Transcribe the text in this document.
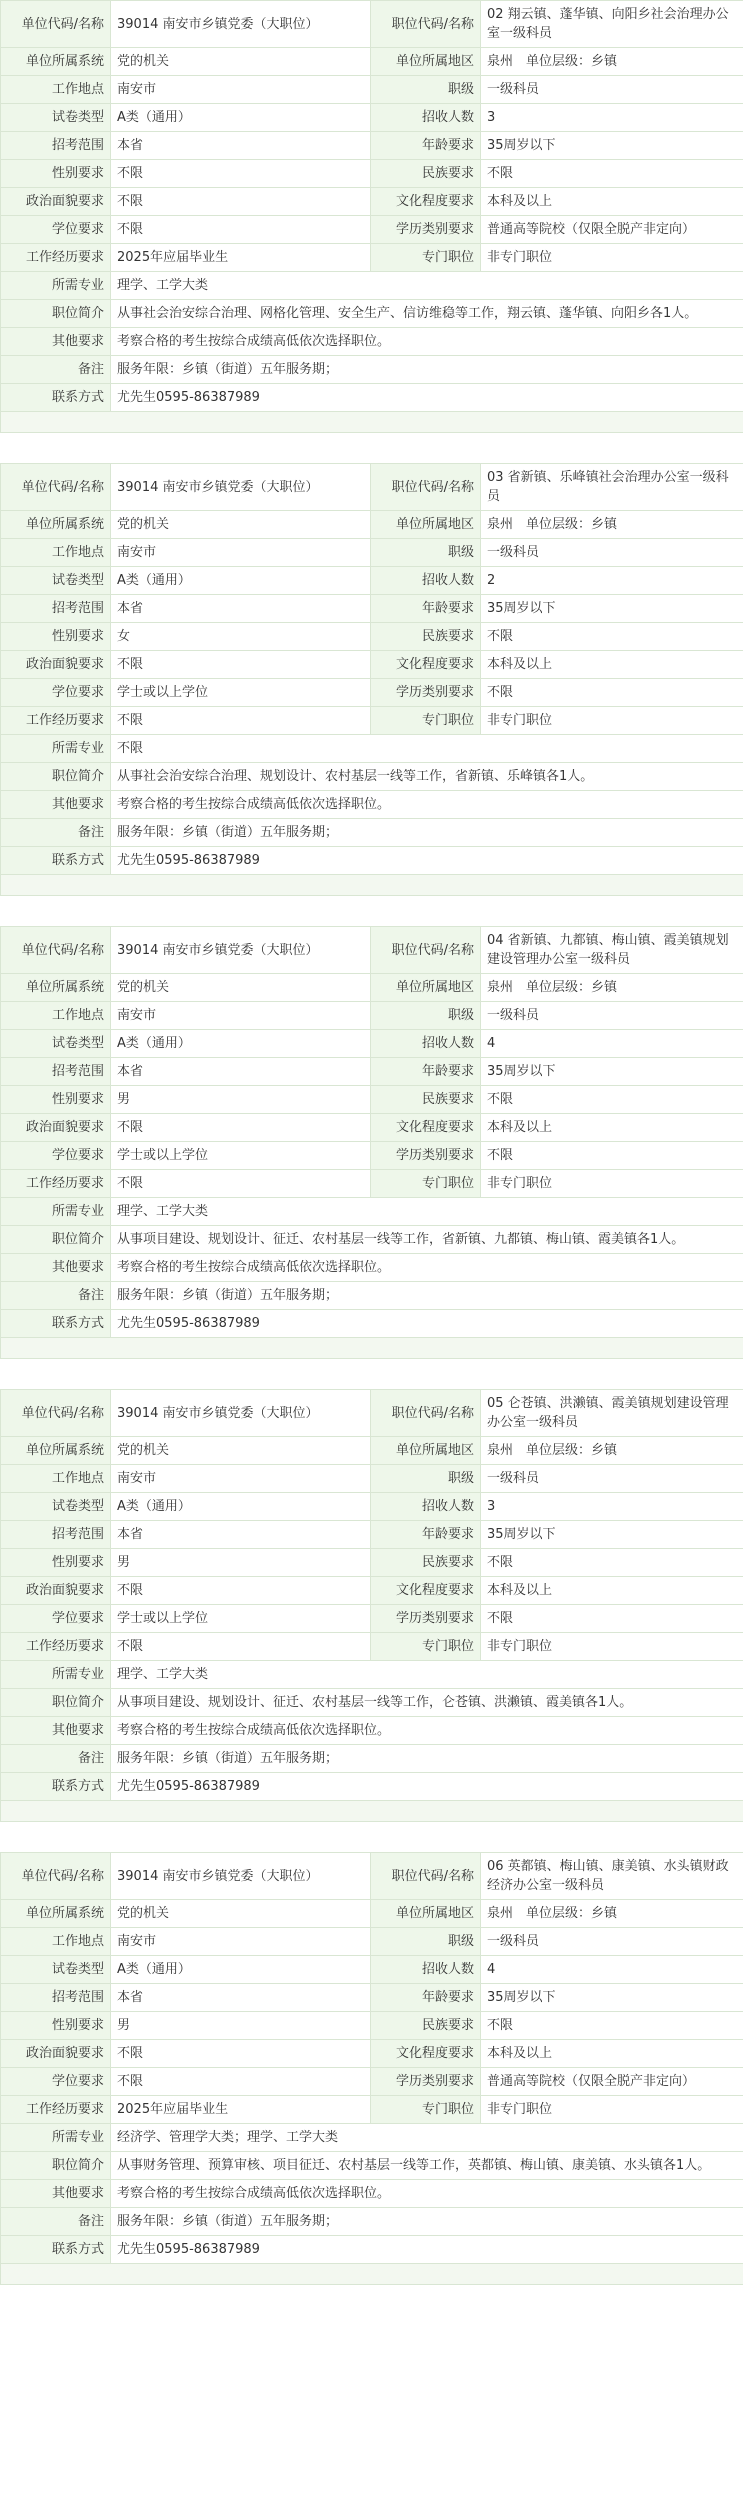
单位代码/名称	39014 南安市乡镇党委（大职位）	职位代码/名称	02 翔云镇、蓬华镇、向阳乡社会治理办公室一级科员
单位所属系统	党的机关	单位所属地区	泉州　单位层级：乡镇
工作地点	南安市	职级	一级科员
试卷类型	A类（通用）	招收人数	3
招考范围	本省	年龄要求	35周岁以下
性别要求	不限	民族要求	不限
政治面貌要求	不限	文化程度要求	本科及以上
学位要求	不限	学历类别要求	普通高等院校（仅限全脱产非定向）
工作经历要求	2025年应届毕业生	专门职位	非专门职位
所需专业	理学、工学大类		
职位简介	从事社会治安综合治理、网格化管理、安全生产、信访维稳等工作，翔云镇、蓬华镇、向阳乡各1人。		
其他要求	考察合格的考生按综合成绩高低依次选择职位。		
备注	服务年限：乡镇（街道）五年服务期；		
联系方式	尤先生0595-86387989		

单位代码/名称	39014 南安市乡镇党委（大职位）	职位代码/名称	03 省新镇、乐峰镇社会治理办公室一级科员
单位所属系统	党的机关	单位所属地区	泉州　单位层级：乡镇
工作地点	南安市	职级	一级科员
试卷类型	A类（通用）	招收人数	2
招考范围	本省	年龄要求	35周岁以下
性别要求	女	民族要求	不限
政治面貌要求	不限	文化程度要求	本科及以上
学位要求	学士或以上学位	学历类别要求	不限
工作经历要求	不限	专门职位	非专门职位
所需专业	不限		
职位简介	从事社会治安综合治理、规划设计、农村基层一线等工作，省新镇、乐峰镇各1人。		
其他要求	考察合格的考生按综合成绩高低依次选择职位。		
备注	服务年限：乡镇（街道）五年服务期；		
联系方式	尤先生0595-86387989		

单位代码/名称	39014 南安市乡镇党委（大职位）	职位代码/名称	04 省新镇、九都镇、梅山镇、霞美镇规划建设管理办公室一级科员
单位所属系统	党的机关	单位所属地区	泉州　单位层级：乡镇
工作地点	南安市	职级	一级科员
试卷类型	A类（通用）	招收人数	4
招考范围	本省	年龄要求	35周岁以下
性别要求	男	民族要求	不限
政治面貌要求	不限	文化程度要求	本科及以上
学位要求	学士或以上学位	学历类别要求	不限
工作经历要求	不限	专门职位	非专门职位
所需专业	理学、工学大类		
职位简介	从事项目建设、规划设计、征迁、农村基层一线等工作，省新镇、九都镇、梅山镇、霞美镇各1人。		
其他要求	考察合格的考生按综合成绩高低依次选择职位。		
备注	服务年限：乡镇（街道）五年服务期；		
联系方式	尤先生0595-86387989		

单位代码/名称	39014 南安市乡镇党委（大职位）	职位代码/名称	05 仑苍镇、洪濑镇、霞美镇规划建设管理办公室一级科员
单位所属系统	党的机关	单位所属地区	泉州　单位层级：乡镇
工作地点	南安市	职级	一级科员
试卷类型	A类（通用）	招收人数	3
招考范围	本省	年龄要求	35周岁以下
性别要求	男	民族要求	不限
政治面貌要求	不限	文化程度要求	本科及以上
学位要求	学士或以上学位	学历类别要求	不限
工作经历要求	不限	专门职位	非专门职位
所需专业	理学、工学大类		
职位简介	从事项目建设、规划设计、征迁、农村基层一线等工作，仑苍镇、洪濑镇、霞美镇各1人。		
其他要求	考察合格的考生按综合成绩高低依次选择职位。		
备注	服务年限：乡镇（街道）五年服务期；		
联系方式	尤先生0595-86387989		

单位代码/名称	39014 南安市乡镇党委（大职位）	职位代码/名称	06 英都镇、梅山镇、康美镇、水头镇财政经济办公室一级科员
单位所属系统	党的机关	单位所属地区	泉州　单位层级：乡镇
工作地点	南安市	职级	一级科员
试卷类型	A类（通用）	招收人数	4
招考范围	本省	年龄要求	35周岁以下
性别要求	男	民族要求	不限
政治面貌要求	不限	文化程度要求	本科及以上
学位要求	不限	学历类别要求	普通高等院校（仅限全脱产非定向）
工作经历要求	2025年应届毕业生	专门职位	非专门职位
所需专业	经济学、管理学大类；理学、工学大类		
职位简介	从事财务管理、预算审核、项目征迁、农村基层一线等工作，英都镇、梅山镇、康美镇、水头镇各1人。		
其他要求	考察合格的考生按综合成绩高低依次选择职位。		
备注	服务年限：乡镇（街道）五年服务期；		
联系方式	尤先生0595-86387989		
